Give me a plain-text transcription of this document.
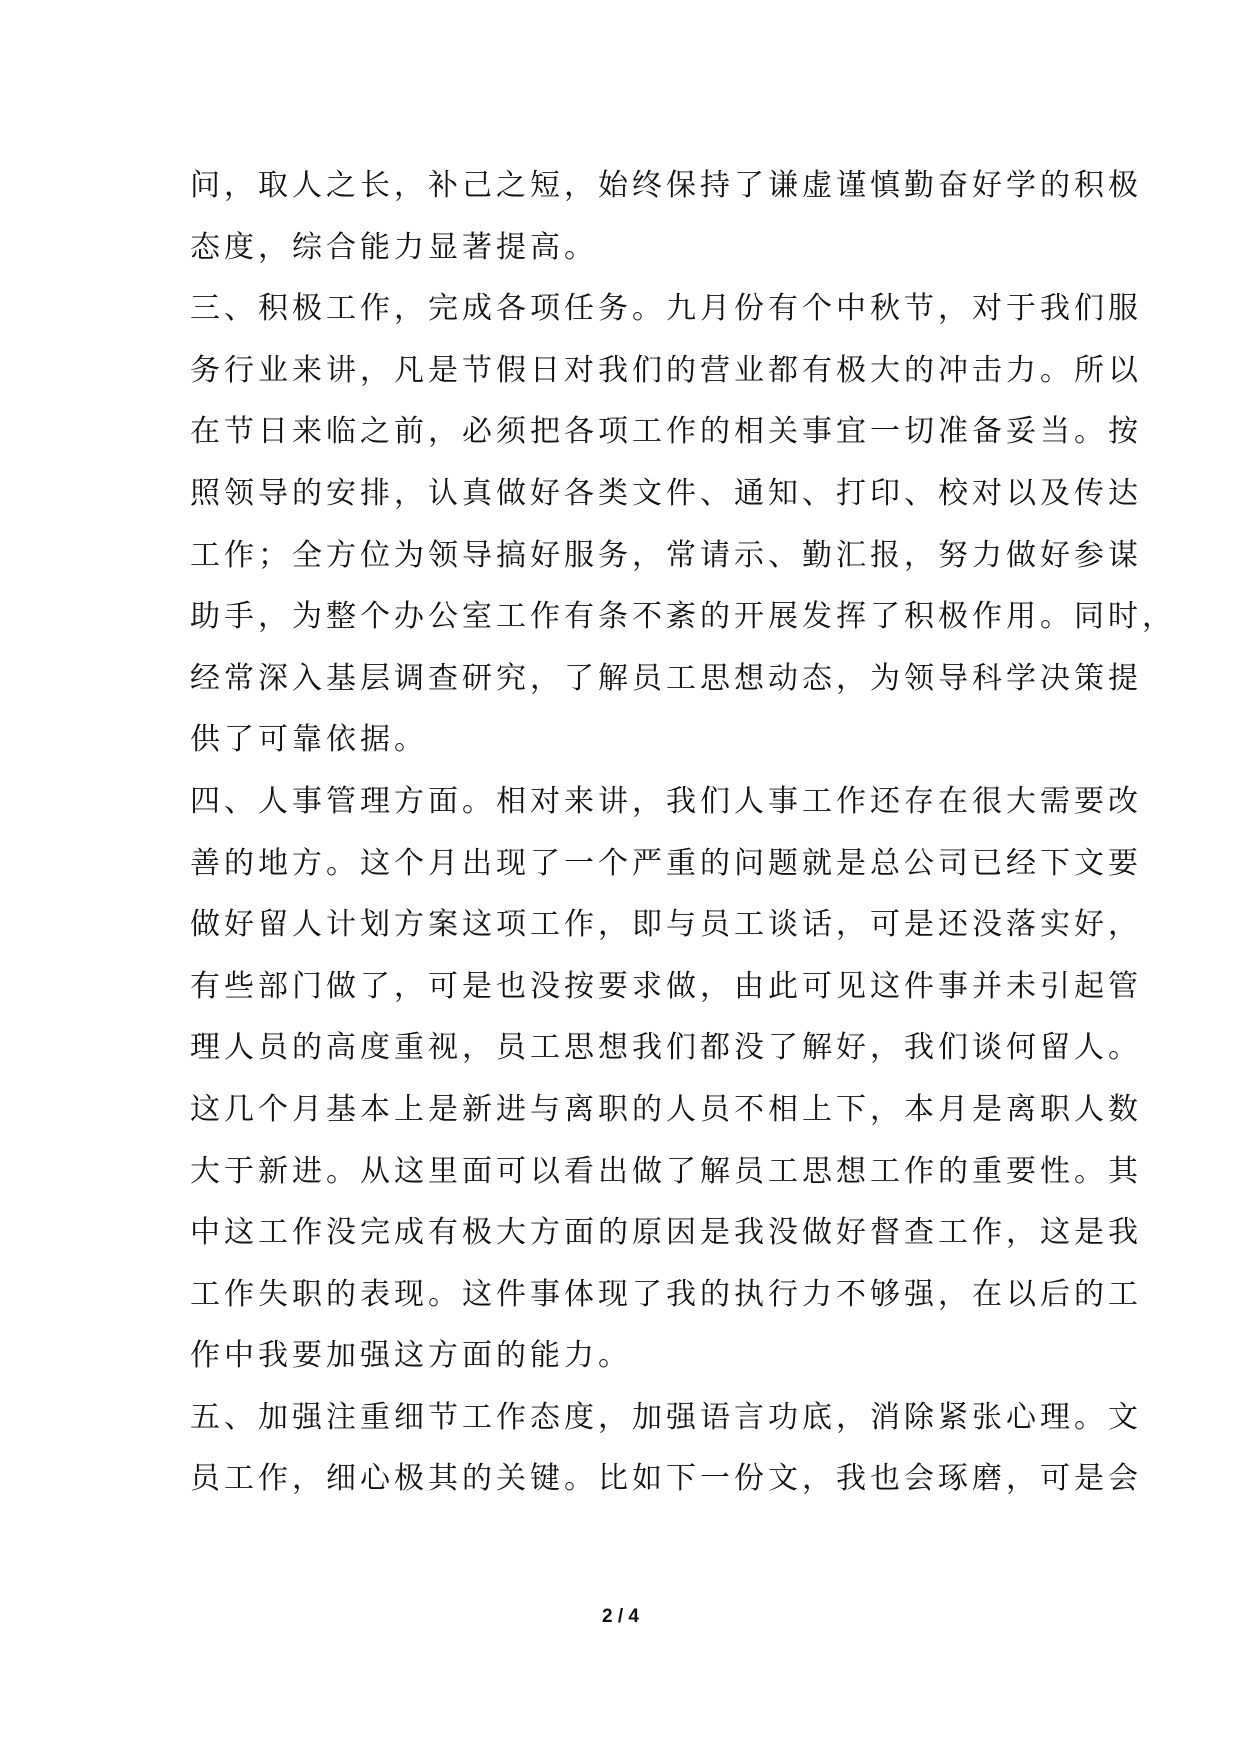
问，取人之长，补己之短，始终保持了谦虚谨慎勤奋好学的积极
态度，综合能力显著提高。
三、积极工作，完成各项任务。九月份有个中秋节，对于我们服
务行业来讲，凡是节假日对我们的营业都有极大的冲击力。所以
在节日来临之前，必须把各项工作的相关事宜一切准备妥当。按
照领导的安排，认真做好各类文件、通知、打印、校对以及传达
工作；全方位为领导搞好服务，常请示、勤汇报，努力做好参谋
助手，为整个办公室工作有条不紊的开展发挥了积极作用。同时，
经常深入基层调查研究，了解员工思想动态，为领导科学决策提
供了可靠依据。
四、人事管理方面。相对来讲，我们人事工作还存在很大需要改
善的地方。这个月出现了一个严重的问题就是总公司已经下文要
做好留人计划方案这项工作，即与员工谈话，可是还没落实好，
有些部门做了，可是也没按要求做，由此可见这件事并未引起管
理人员的高度重视，员工思想我们都没了解好，我们谈何留人。
这几个月基本上是新进与离职的人员不相上下，本月是离职人数
大于新进。从这里面可以看出做了解员工思想工作的重要性。其
中这工作没完成有极大方面的原因是我没做好督查工作，这是我
工作失职的表现。这件事体现了我的执行力不够强，在以后的工
作中我要加强这方面的能力。
五、加强注重细节工作态度，加强语言功底，消除紧张心理。文
员工作，细心极其的关键。比如下一份文，我也会琢磨，可是会
2 / 4
